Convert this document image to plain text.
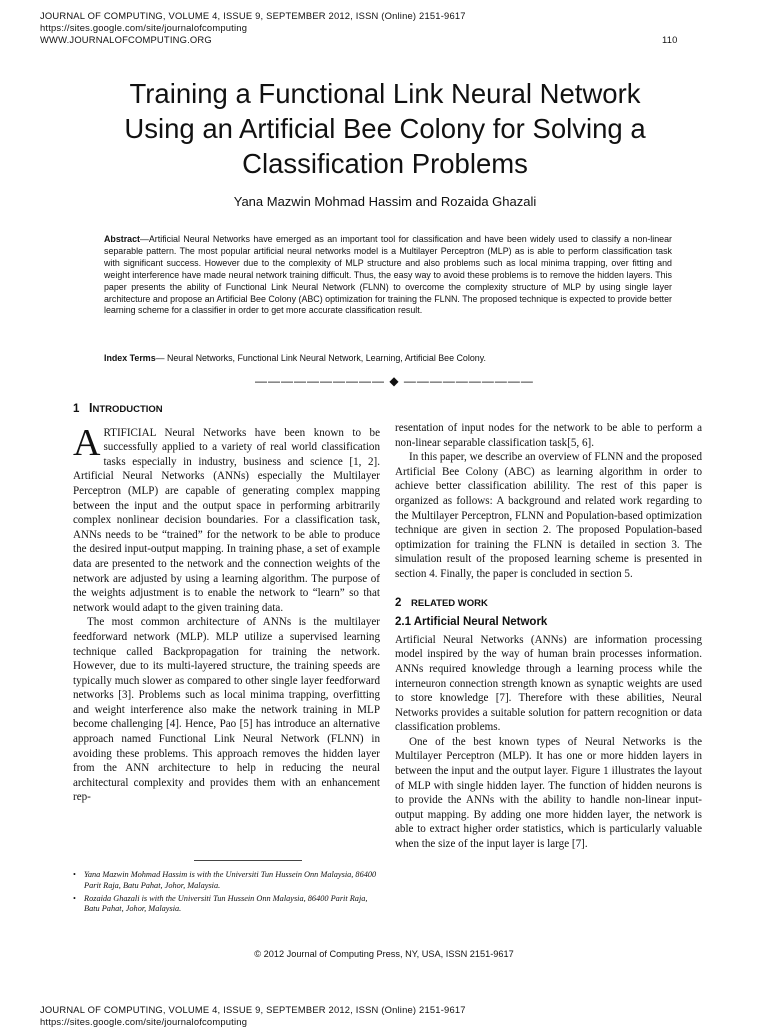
JOURNAL OF COMPUTING, VOLUME 4, ISSUE 9, SEPTEMBER 2012, ISSN (Online) 2151-9617
https://sites.google.com/site/journalofcomputing
WWW.JOURNALOFCOMPUTING.ORG	110
Training a Functional Link Neural Network
Using an Artificial Bee Colony for Solving a
Classification Problems
Yana Mazwin Mohmad Hassim and Rozaida Ghazali
Abstract—Artificial Neural Networks have emerged as an important tool for classification and have been widely used to classify a non-linear separable pattern. The most popular artificial neural networks model is a Multilayer Perceptron (MLP) as is able to perform classification task with significant success. However due to the complexity of MLP structure and also problems such as local minima trapping, over fitting and weight interference have made neural network training difficult. Thus, the easy way to avoid these problems is to remove the hidden layers. This paper presents the ability of Functional Link Neural Network (FLNN) to overcome the complexity structure of MLP by using single layer architecture and propose an Artificial Bee Colony (ABC) optimization for training the FLNN. The proposed technique is expected to provide better learning scheme for a classifier in order to get more accurate classification result.
Index Terms— Neural Networks, Functional Link Neural Network, Learning, Artificial Bee Colony.
—————————— ◆ ——————————
1 INTRODUCTION

ARTIFICIAL Neural Networks have been known to be successfully applied to a variety of real world classification tasks especially in industry, business and science [1, 2]. Artificial Neural Networks (ANNs) especially the Multilayer Perceptron (MLP) are capable of generating complex mapping between the input and the output space in performing arbitrarily complex nonlinear decision boundaries. For a classification task, ANNs needs to be “trained” for the network to be able to produce the desired input-output mapping. In training phase, a set of example data are presented to the network and the connection weights of the network are adjusted by using a learning algorithm. The purpose of the weights adjustment is to enable the network to “learn” so that network would adapt to the given training data.

The most common architecture of ANNs is the multilayer feedforward network (MLP). MLP utilize a supervised learning technique called Backpropagation for training the network. However, due to its multi-layered structure, the training speeds are typically much slower as compared to other single layer feedforward networks [3]. Problems such as local minima trapping, overfitting and weight interference also make the network training in MLP become challenging [4]. Hence, Pao [5] has introduce an alternative approach named Functional Link Neural Network (FLNN) in avoiding these problems. This approach removes the hidden layer from the ANN architecture to help in reducing the neural architectural complexity and provides them with an enhancement rep-

• Yana Mazwin Mohmad Hassim is with the Universiti Tun Hussein Onn Malaysia, 86400 Parit Raja, Batu Pahat, Johor, Malaysia.
• Rozaida Ghazali is with the Universiti Tun Hussein Onn Malaysia, 86400 Parit Raja, Batu Pahat, Johor, Malaysia.

resentation of input nodes for the network to be able to perform a non-linear separable classification task[5, 6].

In this paper, we describe an overview of FLNN and the proposed Artificial Bee Colony (ABC) as learning algorithm in order to achieve better classification abilility. The rest of this paper is organized as follows: A background and related work regarding to the Multilayer Perceptron, FLNN and Population-based optimization technique are given in section 2. The proposed Population-based optimization for training the FLNN is detailed in section 3. The simulation result of the proposed learning scheme is presented in section 4. Finally, the paper is concluded in section 5.

2 RELATED WORK
2.1 Artificial Neural Network

Artificial Neural Networks (ANNs) are information processing model inspired by the way of human brain processes information. ANNs required knowledge through a learning process while the interneuron connection strength known as synaptic weights are used to store knowledge [7]. Therefore with these abilities, Neural Networks provides a suitable solution for pattern recognition or data classification problems.

One of the best known types of Neural Networks is the Multilayer Perceptron (MLP). It has one or more hidden layers in between the input and the output layer. Figure 1 illustrates the layout of MLP with single hidden layer. The function of hidden neurons is to provide the ANNs with the ability to handle non-linear input-output mapping. By adding one more hidden layer, the network is able to extract higher order statistics, which is particularly valuable when the size of the input layer is large [7].

© 2012 Journal of Computing Press, NY, USA, ISSN 2151-9617
JOURNAL OF COMPUTING, VOLUME 4, ISSUE 9, SEPTEMBER 2012, ISSN (Online) 2151-9617
https://sites.google.com/site/journalofcomputing
